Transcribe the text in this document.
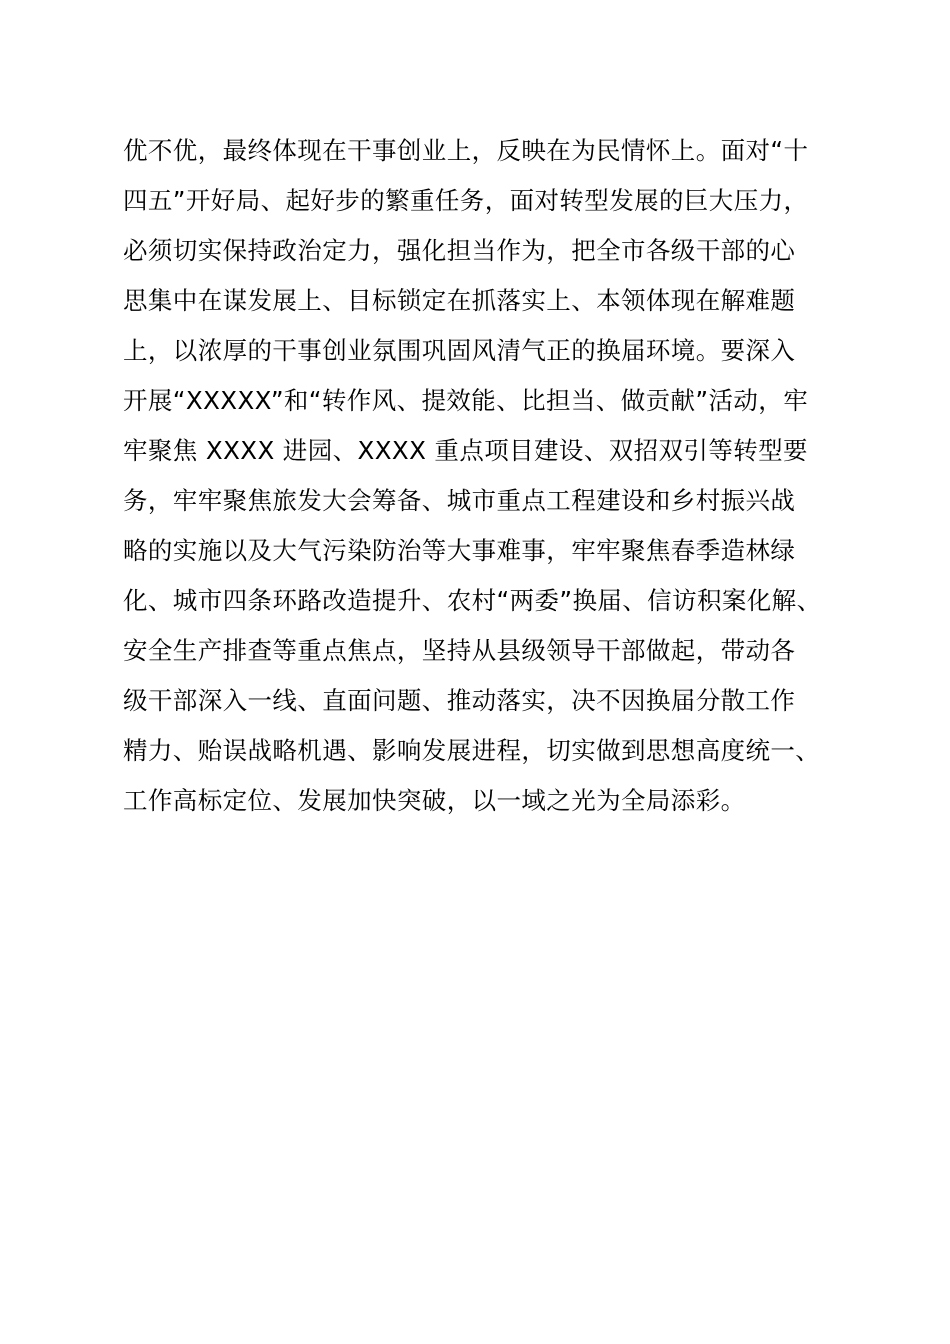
优不优，最终体现在干事创业上，反映在为民情怀上。面对“十
四五”开好局、起好步的繁重任务，面对转型发展的巨大压力，
必须切实保持政治定力，强化担当作为，把全市各级干部的心
思集中在谋发展上、目标锁定在抓落实上、本领体现在解难题
上，以浓厚的干事创业氛围巩固风清气正的换届环境。要深入
开展“XXXXX”和“转作风、提效能、比担当、做贡献”活动，牢
牢聚焦 XXXX 进园、XXXX 重点项目建设、双招双引等转型要
务，牢牢聚焦旅发大会筹备、城市重点工程建设和乡村振兴战
略的实施以及大气污染防治等大事难事，牢牢聚焦春季造林绿
化、城市四条环路改造提升、农村“两委”换届、信访积案化解、
安全生产排查等重点焦点，坚持从县级领导干部做起，带动各
级干部深入一线、直面问题、推动落实，决不因换届分散工作
精力、贻误战略机遇、影响发展进程，切实做到思想高度统一、
工作高标定位、发展加快突破，以一域之光为全局添彩。
